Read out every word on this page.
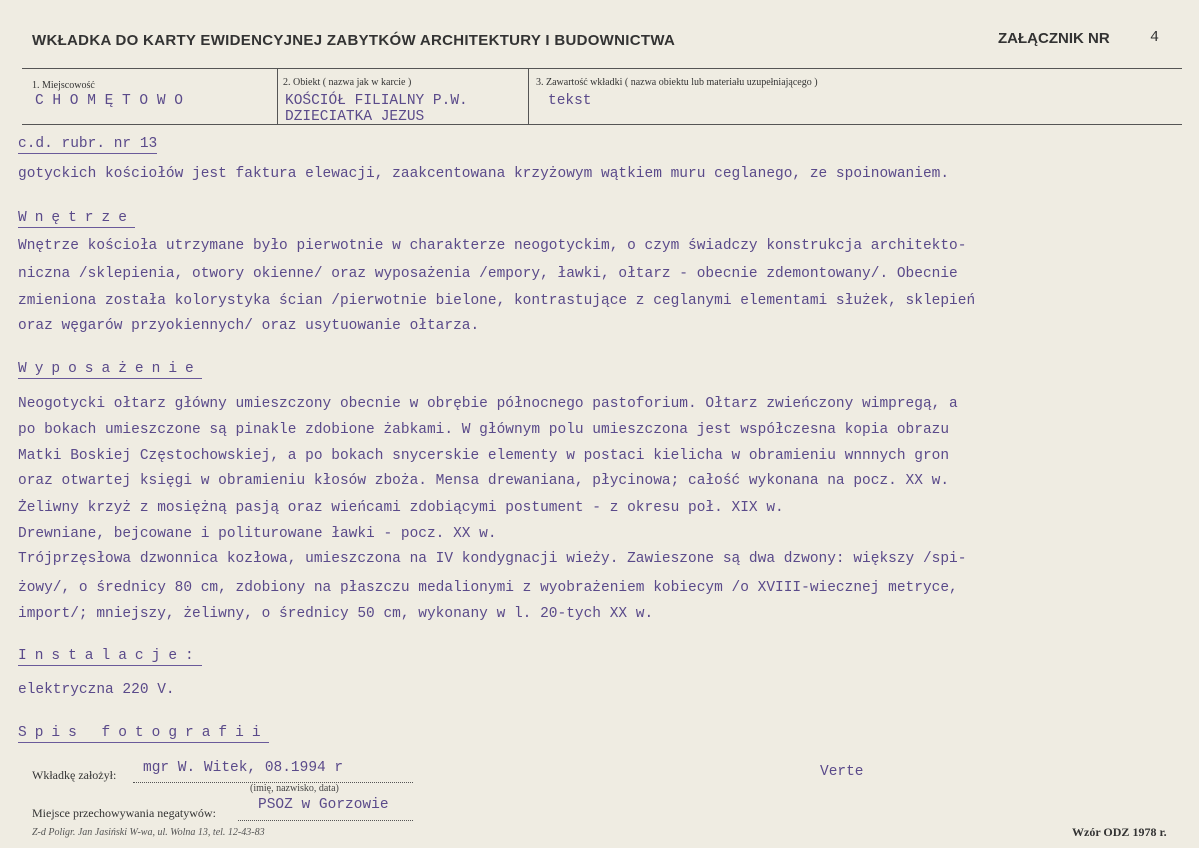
WKŁADKA DO KARTY EWIDENCYJNEJ ZABYTKÓW ARCHITEKTURY I BUDOWNICTWA	ZAŁĄCZNIK NR	4
1. Miejscowość
C H O M Ę T O W O
2. Obiekt ( nazwa jak w karcie )
KOŚCIÓŁ FILIALNY P.W.
DZIECIATKA JEZUS
3. Zawartość wkładki ( nazwa obiektu lub materiału uzupełniającego )
tekst
c.d. rubr. nr 13
gotyckich kościołów jest faktura elewacji, zaakcentowana krzyżowym wątkiem muru ceglanego, ze spoinowaniem.
Wnętrze
Wnętrze kościoła utrzymane było pierwotnie w charakterze neogotyckim, o czym świadczy konstrukcja architekto-
niczna /sklepienia, otwory okienne/ oraz wyposażenia /empory, ławki, ołtarz - obecnie zdemontowany/. Obecnie
zmieniona została kolorystyka ścian /pierwotnie bielone, kontrastujące z ceglanymi elementami służek, sklepień
oraz węgarów przyokiennych/ oraz usytuowanie ołtarza.
Wyposażenie
Neogotycki ołtarz główny umieszczony obecnie w obrębie północnego pastoforium. Ołtarz zwieńczony wimpregą, a
po bokach umieszczone są pinakle zdobione żabkami. W głównym polu umieszczona jest współczesna kopia obrazu
Matki Boskiej Częstochowskiej, a po bokach snycerskie elementy w postaci kielicha w obramieniu wnnnych gron
oraz otwartej księgi w obramieniu kłosów zboża. Mensa drewaniana, płycinowa; całość wykonana na pocz. XX w.
Żeliwny krzyż z mosiężną pasją oraz wieńcami zdobiącymi postument - z okresu poł. XIX w.
Drewniane, bejcowane i politurowane ławki - pocz. XX w.
Trójprzęsłowa dzwonnica kozłowa, umieszczona na IV kondygnacji wieży. Zawieszone są dwa dzwony: większy /spi-
żowy/, o średnicy 80 cm, zdobiony na płaszczu medalionymi z wyobrażeniem kobiecym /o XVIII-wiecznej metryce,
import/; mniejszy, żeliwny, o średnicy 50 cm, wykonany w l. 20-tych XX w.
Instalacje:
elektryczna 220 V.
Spis fotografii
Wkładkę założył: mgr W. Witek, 08.1994 r
(imię, nazwisko, data)
Verte
Miejsce przechowywania negatywów:	PSOZ w Gorzowie
Z-d Poligr. Jan Jasiński W-wa, ul. Wolna 13, tel. 12-43-83	Wzór ODZ 1978 r.
